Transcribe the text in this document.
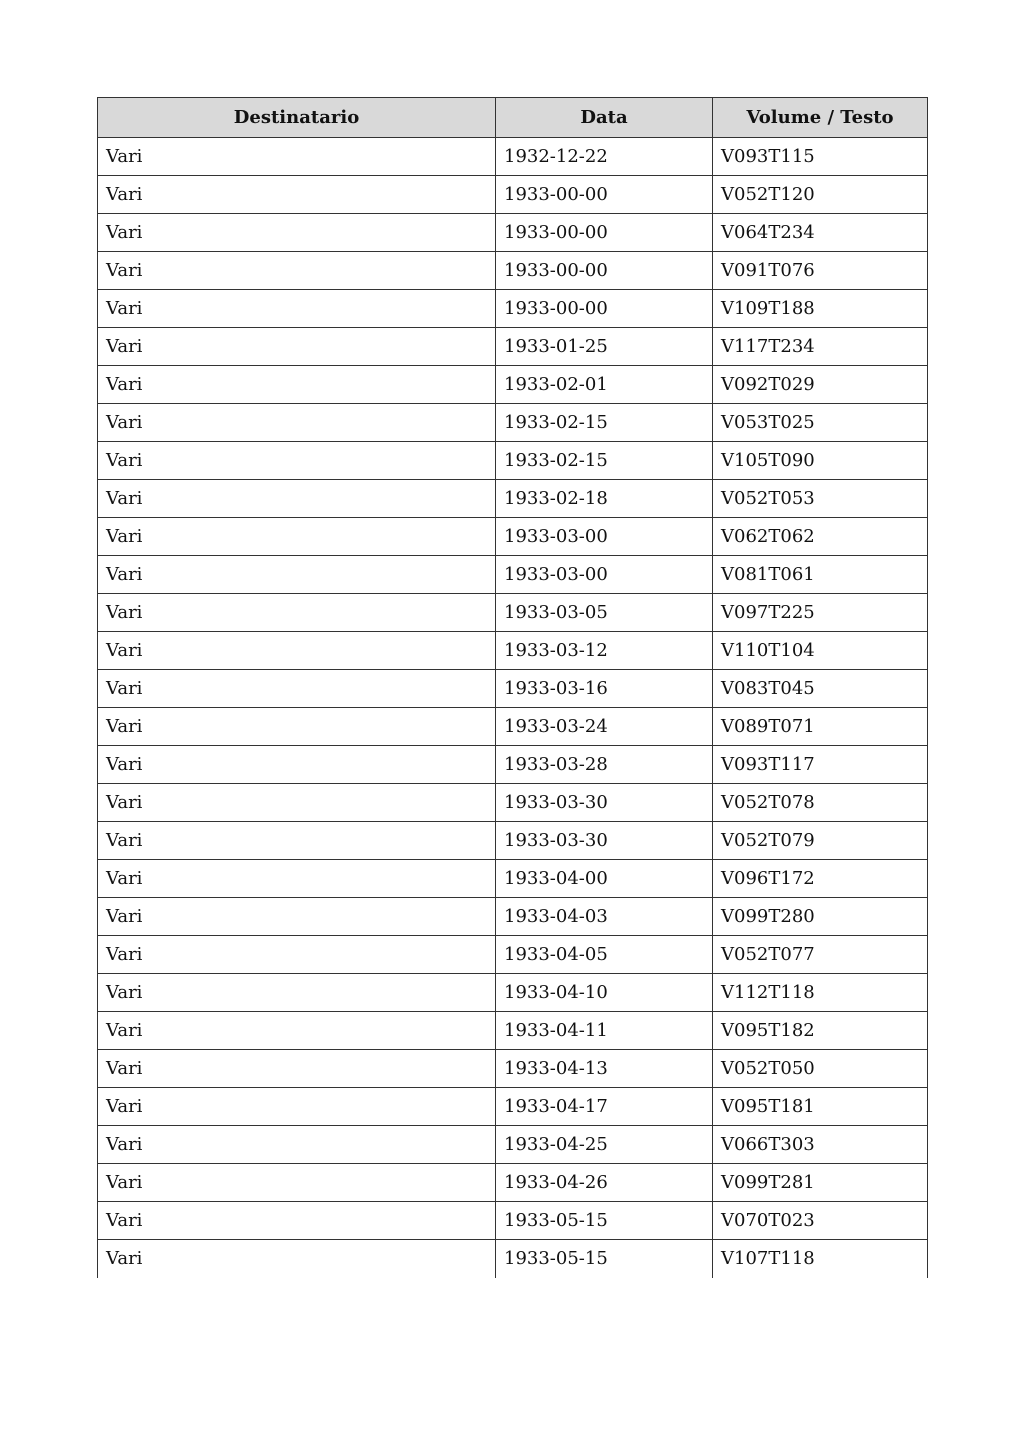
Destinatario	Data	Volume / Testo
Vari	1932-12-22	V093T115
Vari	1933-00-00	V052T120
Vari	1933-00-00	V064T234
Vari	1933-00-00	V091T076
Vari	1933-00-00	V109T188
Vari	1933-01-25	V117T234
Vari	1933-02-01	V092T029
Vari	1933-02-15	V053T025
Vari	1933-02-15	V105T090
Vari	1933-02-18	V052T053
Vari	1933-03-00	V062T062
Vari	1933-03-00	V081T061
Vari	1933-03-05	V097T225
Vari	1933-03-12	V110T104
Vari	1933-03-16	V083T045
Vari	1933-03-24	V089T071
Vari	1933-03-28	V093T117
Vari	1933-03-30	V052T078
Vari	1933-03-30	V052T079
Vari	1933-04-00	V096T172
Vari	1933-04-03	V099T280
Vari	1933-04-05	V052T077
Vari	1933-04-10	V112T118
Vari	1933-04-11	V095T182
Vari	1933-04-13	V052T050
Vari	1933-04-17	V095T181
Vari	1933-04-25	V066T303
Vari	1933-04-26	V099T281
Vari	1933-05-15	V070T023
Vari	1933-05-15	V107T118
